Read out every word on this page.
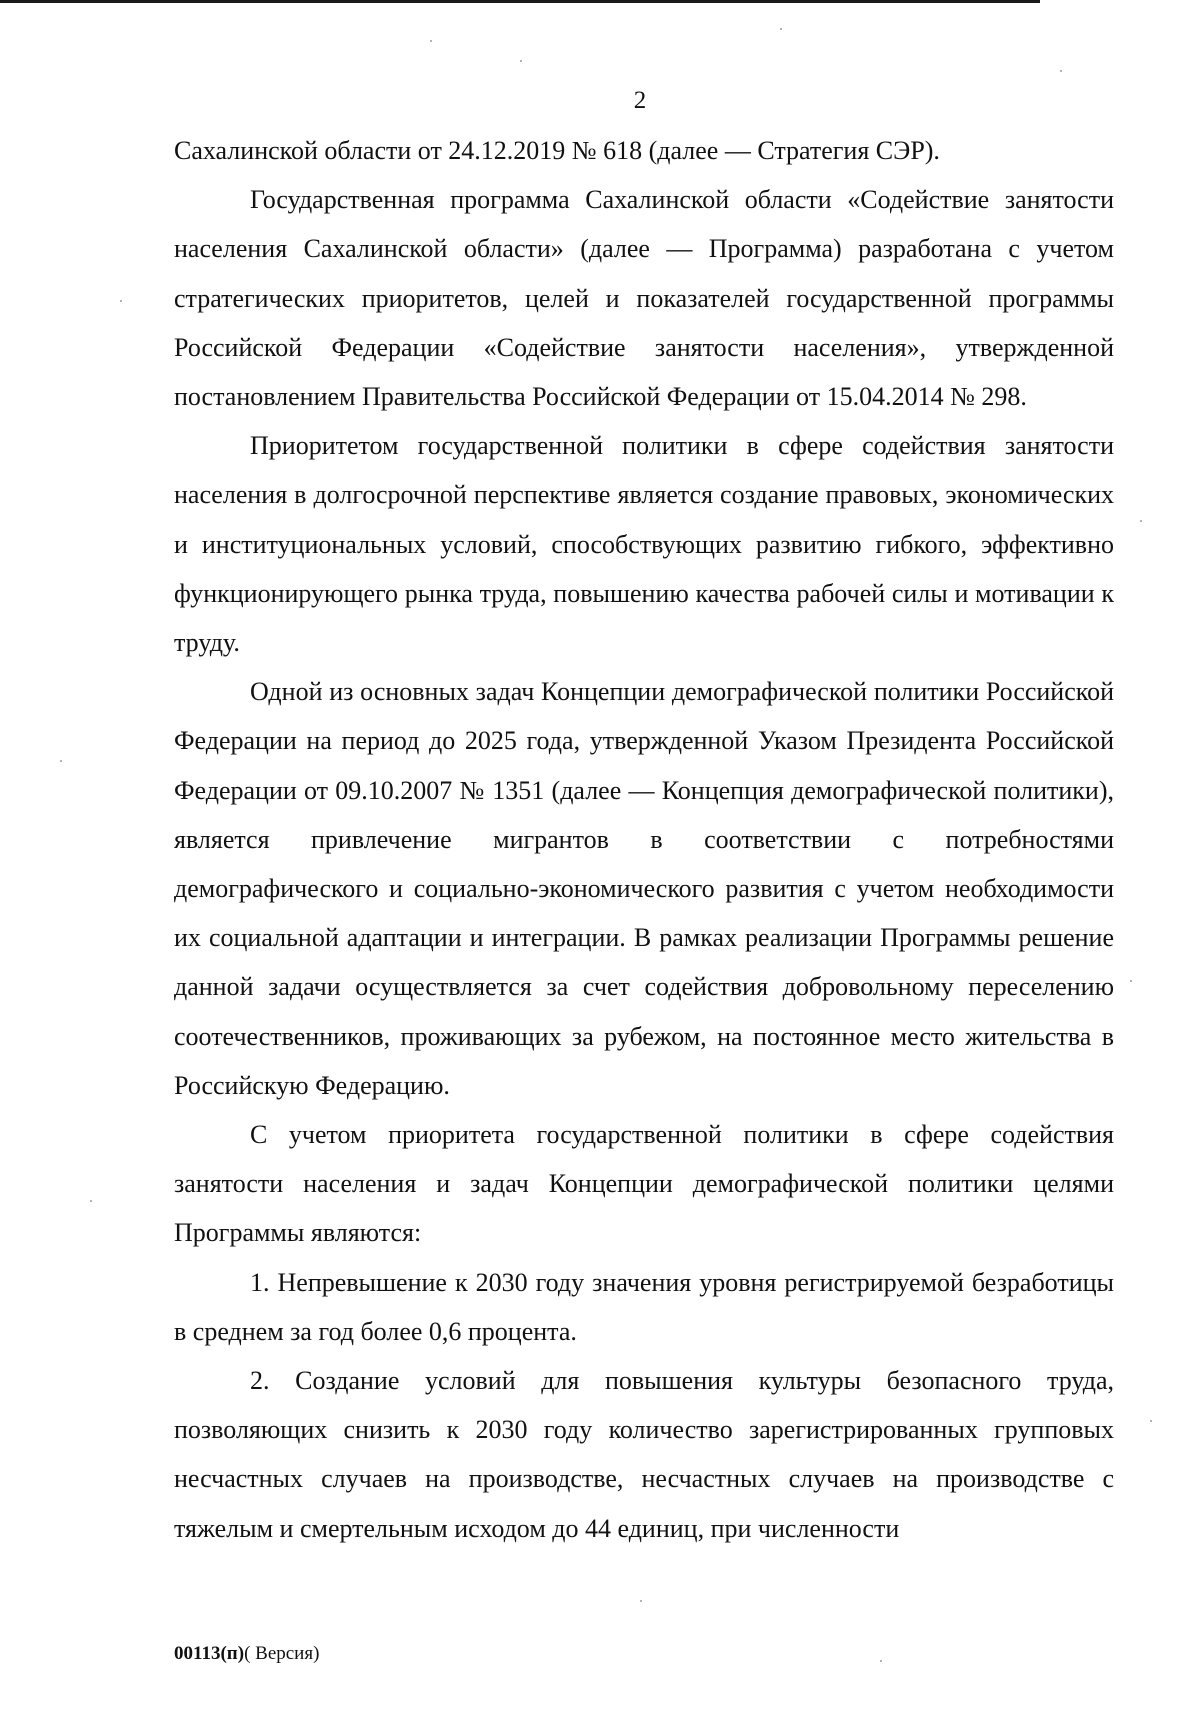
2

Сахалинской области от 24.12.2019 № 618 (далее — Стратегия СЭР).

Государственная программа Сахалинской области «Содействие занятости населения Сахалинской области» (далее — Программа) разработана с учетом стратегических приоритетов, целей и показателей государственной программы Российской Федерации «Содействие занятости населения», утвержденной постановлением Правительства Российской Федерации от 15.04.2014 № 298.

Приоритетом государственной политики в сфере содействия занятости населения в долгосрочной перспективе является создание правовых, экономических и институциональных условий, способствующих развитию гибкого, эффективно функционирующего рынка труда, повышению качества рабочей силы и мотивации к труду.

Одной из основных задач Концепции демографической политики Российской Федерации на период до 2025 года, утвержденной Указом Президента Российской Федерации от 09.10.2007 № 1351 (далее — Концепция демографической политики), является привлечение мигрантов в соответствии с потребностями демографического и социально-экономического развития с учетом необходимости их социальной адаптации и интеграции. В рамках реализации Программы решение данной задачи осуществляется за счет содействия добровольному переселению соотечественников, проживающих за рубежом, на постоянное место жительства в Российскую Федерацию.

С учетом приоритета государственной политики в сфере содействия занятости населения и задач Концепции демографической политики целями Программы являются:

1. Непревышение к 2030 году значения уровня регистрируемой безработицы в среднем за год более 0,6 процента.

2. Создание условий для повышения культуры безопасного труда, позволяющих снизить к 2030 году количество зарегистрированных групповых несчастных случаев на производстве, несчастных случаев на производстве с тяжелым и смертельным исходом до 44 единиц, при численности

00113(п)( Версия)
